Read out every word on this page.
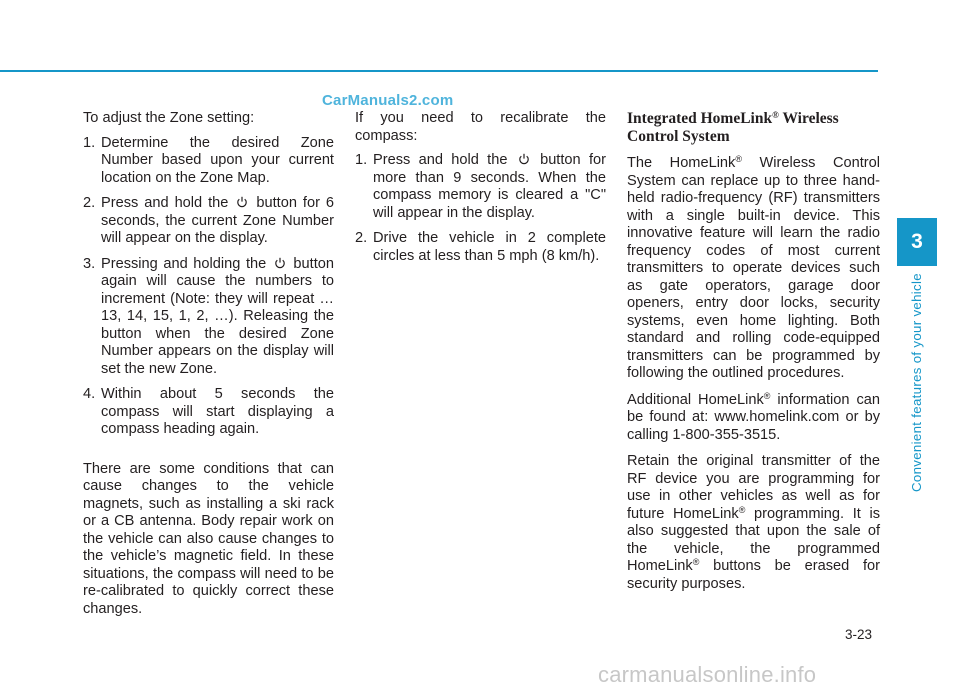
CarManuals2.com

To adjust the Zone setting:

1. Determine the desired Zone Number based upon your current location on the Zone Map.
2. Press and hold the button for 6 seconds, the current Zone Number will appear on the display.
3. Pressing and holding the button again will cause the numbers to increment (Note: they will repeat …13, 14, 15, 1, 2, …). Releasing the button when the desired Zone Number appears on the display will set the new Zone.
4. Within about 5 seconds the compass will start displaying a compass heading again.

There are some conditions that can cause changes to the vehicle magnets, such as installing a ski rack or a CB antenna. Body repair work on the vehicle can also cause changes to the vehicle’s magnetic field. In these situations, the compass will need to be re-calibrated to quickly correct these changes.

If you need to recalibrate the compass:

1. Press and hold the button for more than 9 seconds. When the compass memory is cleared a "C" will appear in the display.
2. Drive the vehicle in 2 complete circles at less than 5 mph (8 km/h).
Integrated HomeLink® Wireless Control System

The HomeLink® Wireless Control System can replace up to three hand-held radio-frequency (RF) transmitters with a single built-in device. This innovative feature will learn the radio frequency codes of most current transmitters to operate devices such as gate operators, garage door openers, entry door locks, security systems, even home lighting. Both standard and rolling code-equipped transmitters can be programmed by following the outlined procedures.

Additional HomeLink® information can be found at: www.homelink.com or by calling 1-800-355-3515.

Retain the original transmitter of the RF device you are programming for use in other vehicles as well as for future HomeLink® programming. It is also suggested that upon the sale of the vehicle, the programmed HomeLink® buttons be erased for security purposes.

3
Convenient features of your vehicle
3-23
carmanualsonline.info
